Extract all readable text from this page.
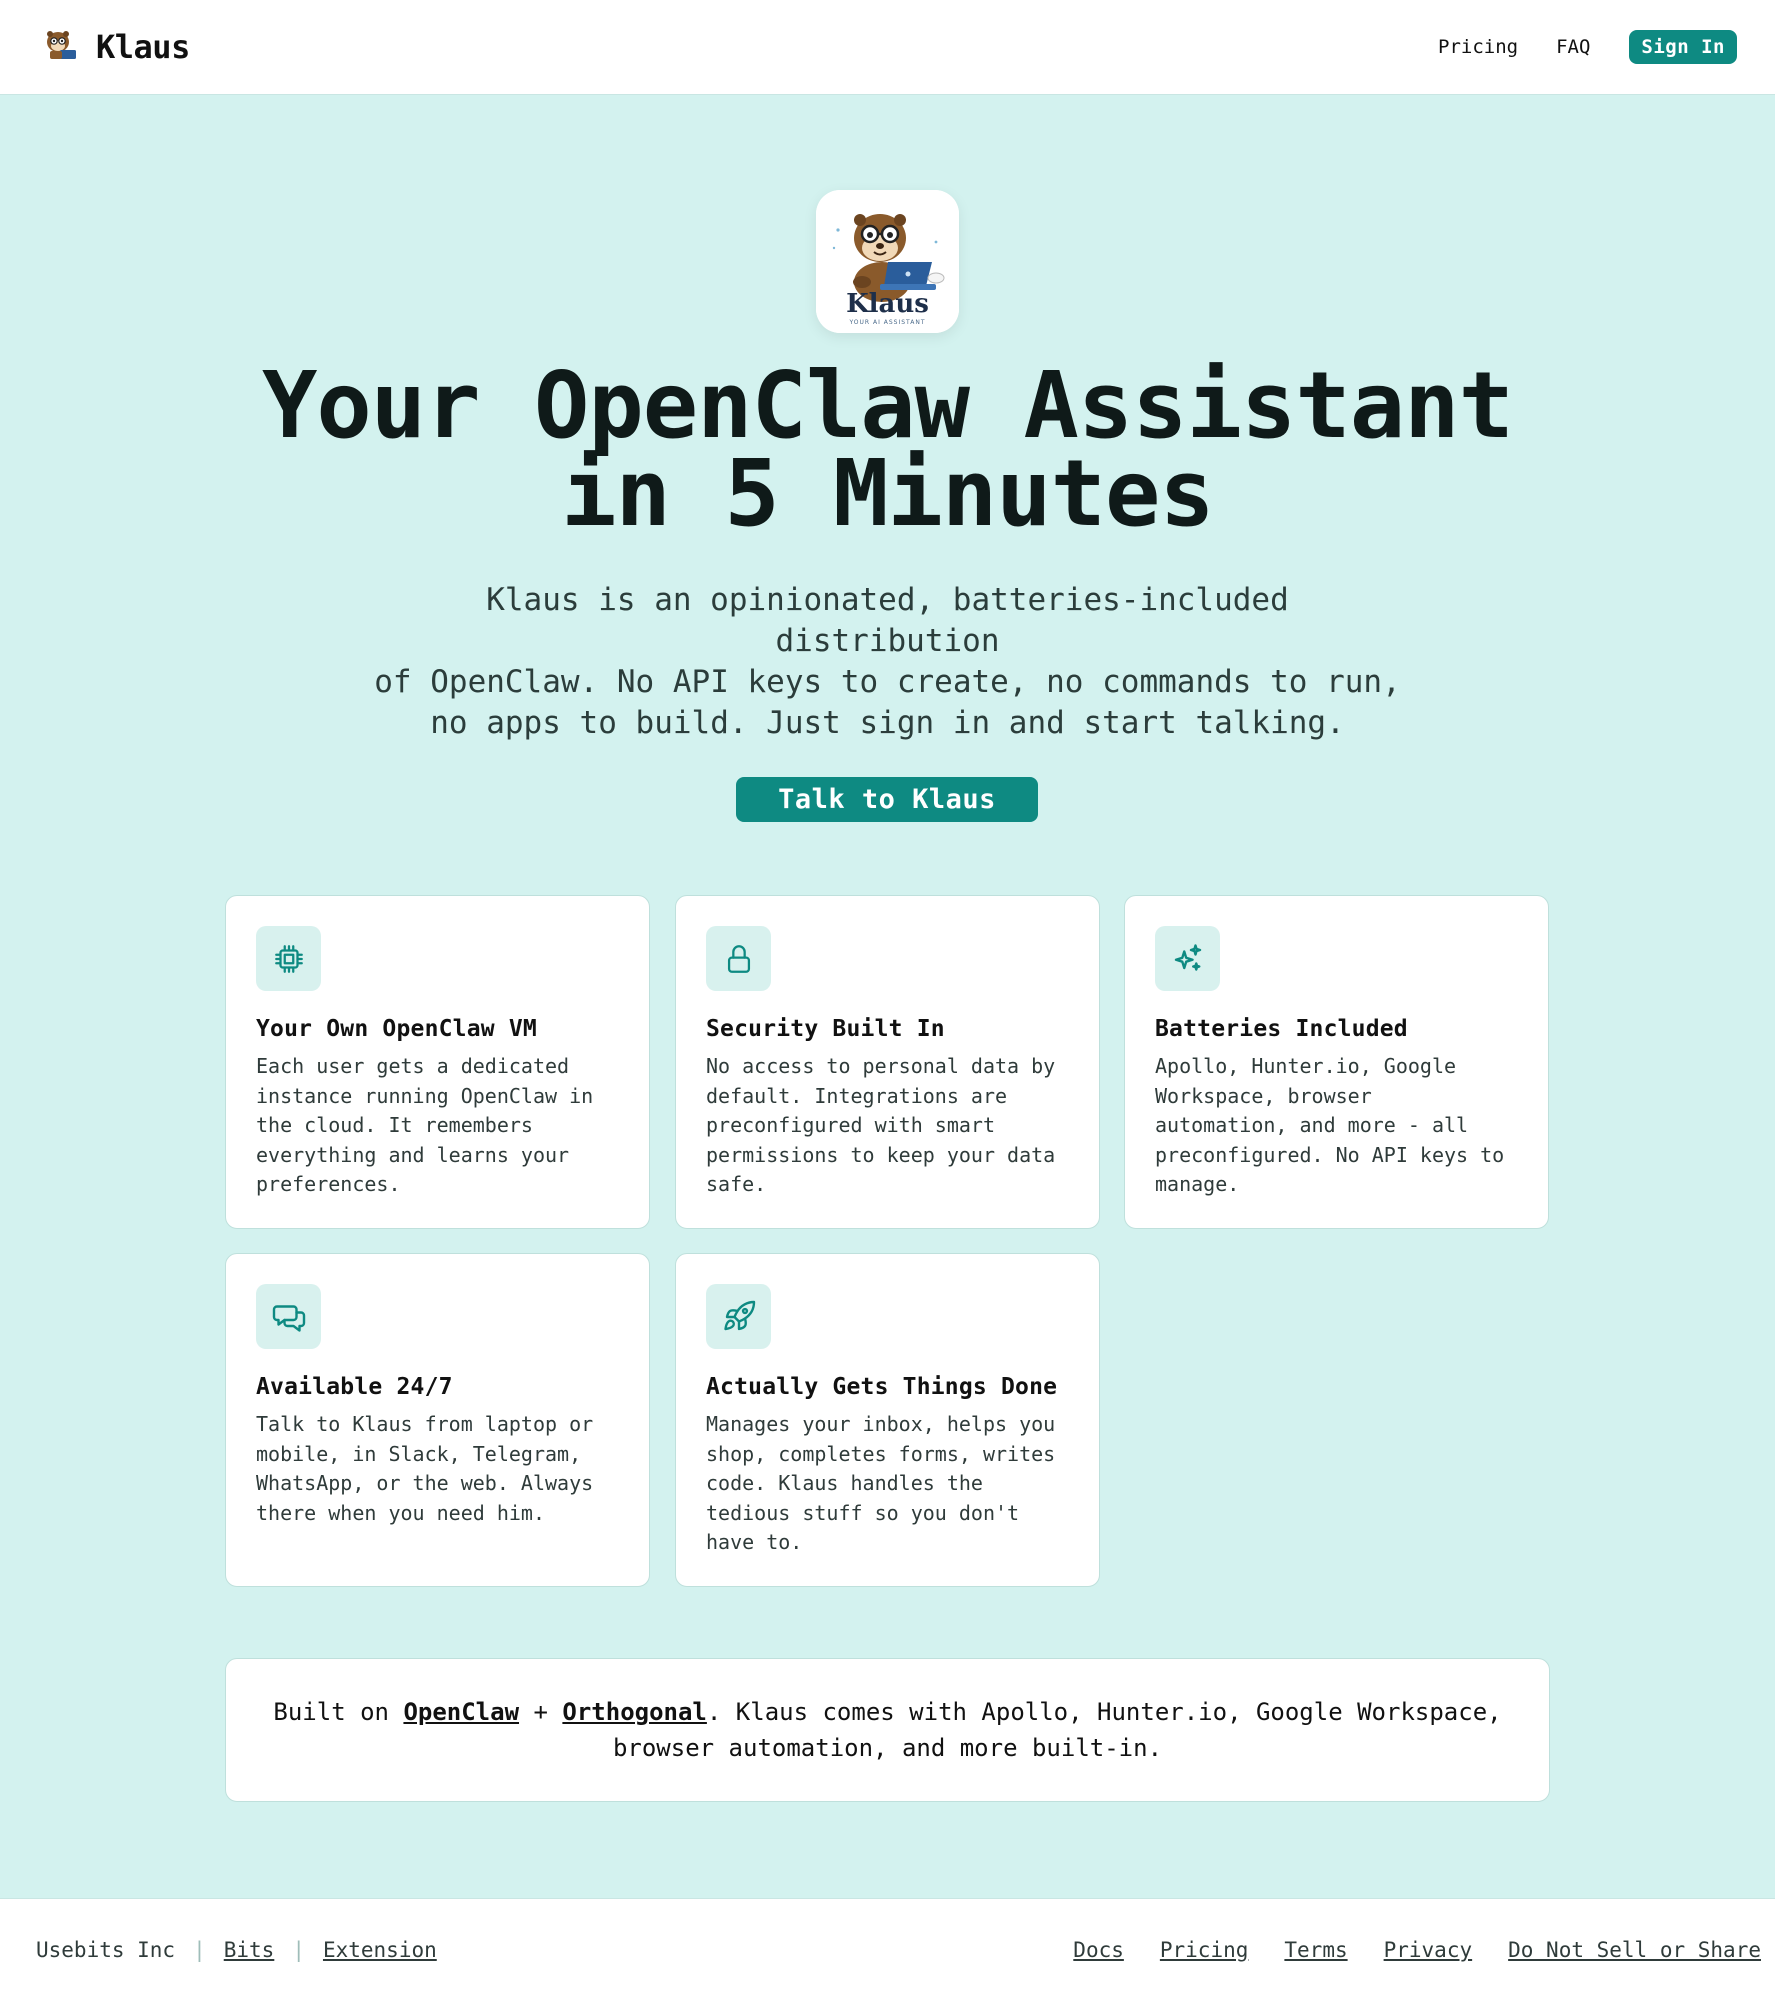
Klaus	Pricing	FAQ	Sign In
Klaus
YOUR AI ASSISTANT
Your OpenClaw Assistant
in 5 Minutes
Klaus is an opinionated, batteries-included distribution
of OpenClaw. No API keys to create, no commands to run,
no apps to build. Just sign in and start talking.
Talk to Klaus
Your Own OpenClaw VM
Each user gets a dedicated
instance running OpenClaw in
the cloud. It remembers
everything and learns your
preferences.
Security Built In
No access to personal data by
default. Integrations are
preconfigured with smart
permissions to keep your data
safe.
Batteries Included
Apollo, Hunter.io, Google
Workspace, browser
automation, and more - all
preconfigured. No API keys to
manage.
Available 24/7
Talk to Klaus from laptop or
mobile, in Slack, Telegram,
WhatsApp, or the web. Always
there when you need him.
Actually Gets Things Done
Manages your inbox, helps you
shop, completes forms, writes
code. Klaus handles the
tedious stuff so you don't
have to.
Built on OpenClaw + Orthogonal. Klaus comes with Apollo, Hunter.io, Google Workspace,
browser automation, and more built-in.
Usebits Inc | Bits | Extension	Docs Pricing Terms Privacy Do Not Sell or Share
